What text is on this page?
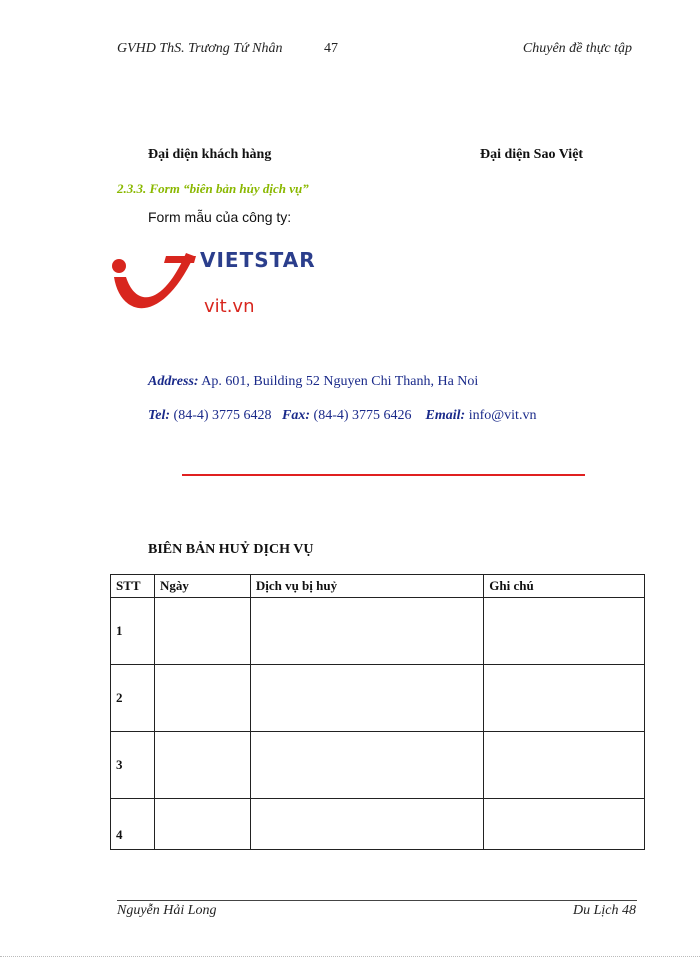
GVHD ThS. Trương Tứ Nhân	47	Chuyên đề thực tập
Đại diện khách hàng	Đại diện Sao Việt
2.3.3. Form “biên bản hủy dịch vụ”
Form mẫu của công ty:
VIETSTAR
vit.vn
Address: Ap. 601, Building 52 Nguyen Chi Thanh, Ha Noi
Tel: (84-4) 3775 6428 Fax: (84-4) 3775 6426 Email: info@vit.vn
BIÊN BẢN HUỶ DỊCH VỤ
STT	Ngày	Dịch vụ bị huỷ	Ghi chú
1			
2			
3			
4			
Nguyễn Hải Long	Du Lịch 48
